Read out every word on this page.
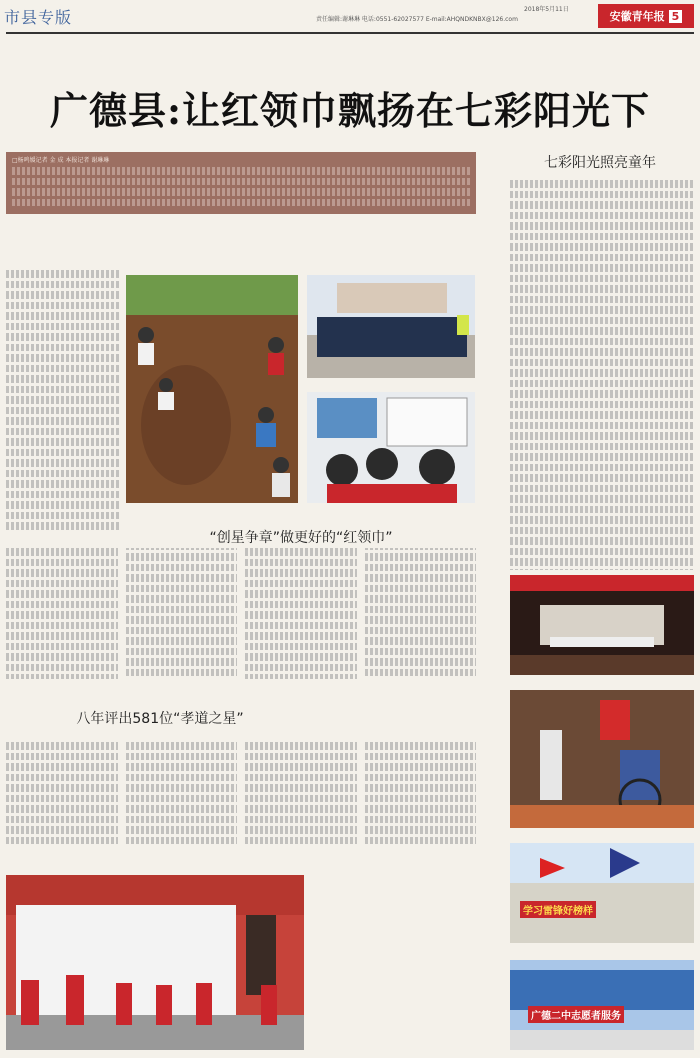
市县专版	2018年5月11日
责任编辑:谢琳琳 电话:0551-62027577 E-mail:AHQNDKNBX@126.com	安徽青年报 5
广德县:让红领巾飘扬在七彩阳光下
□杨鸣媛记者 金 成 本报记者 谢琳琳	七彩阳光照亮童年
“创星争章”做更好的“红领巾”
八年评出581位“孝道之星”
学习雷锋好榜样
广德二中志愿者服务
